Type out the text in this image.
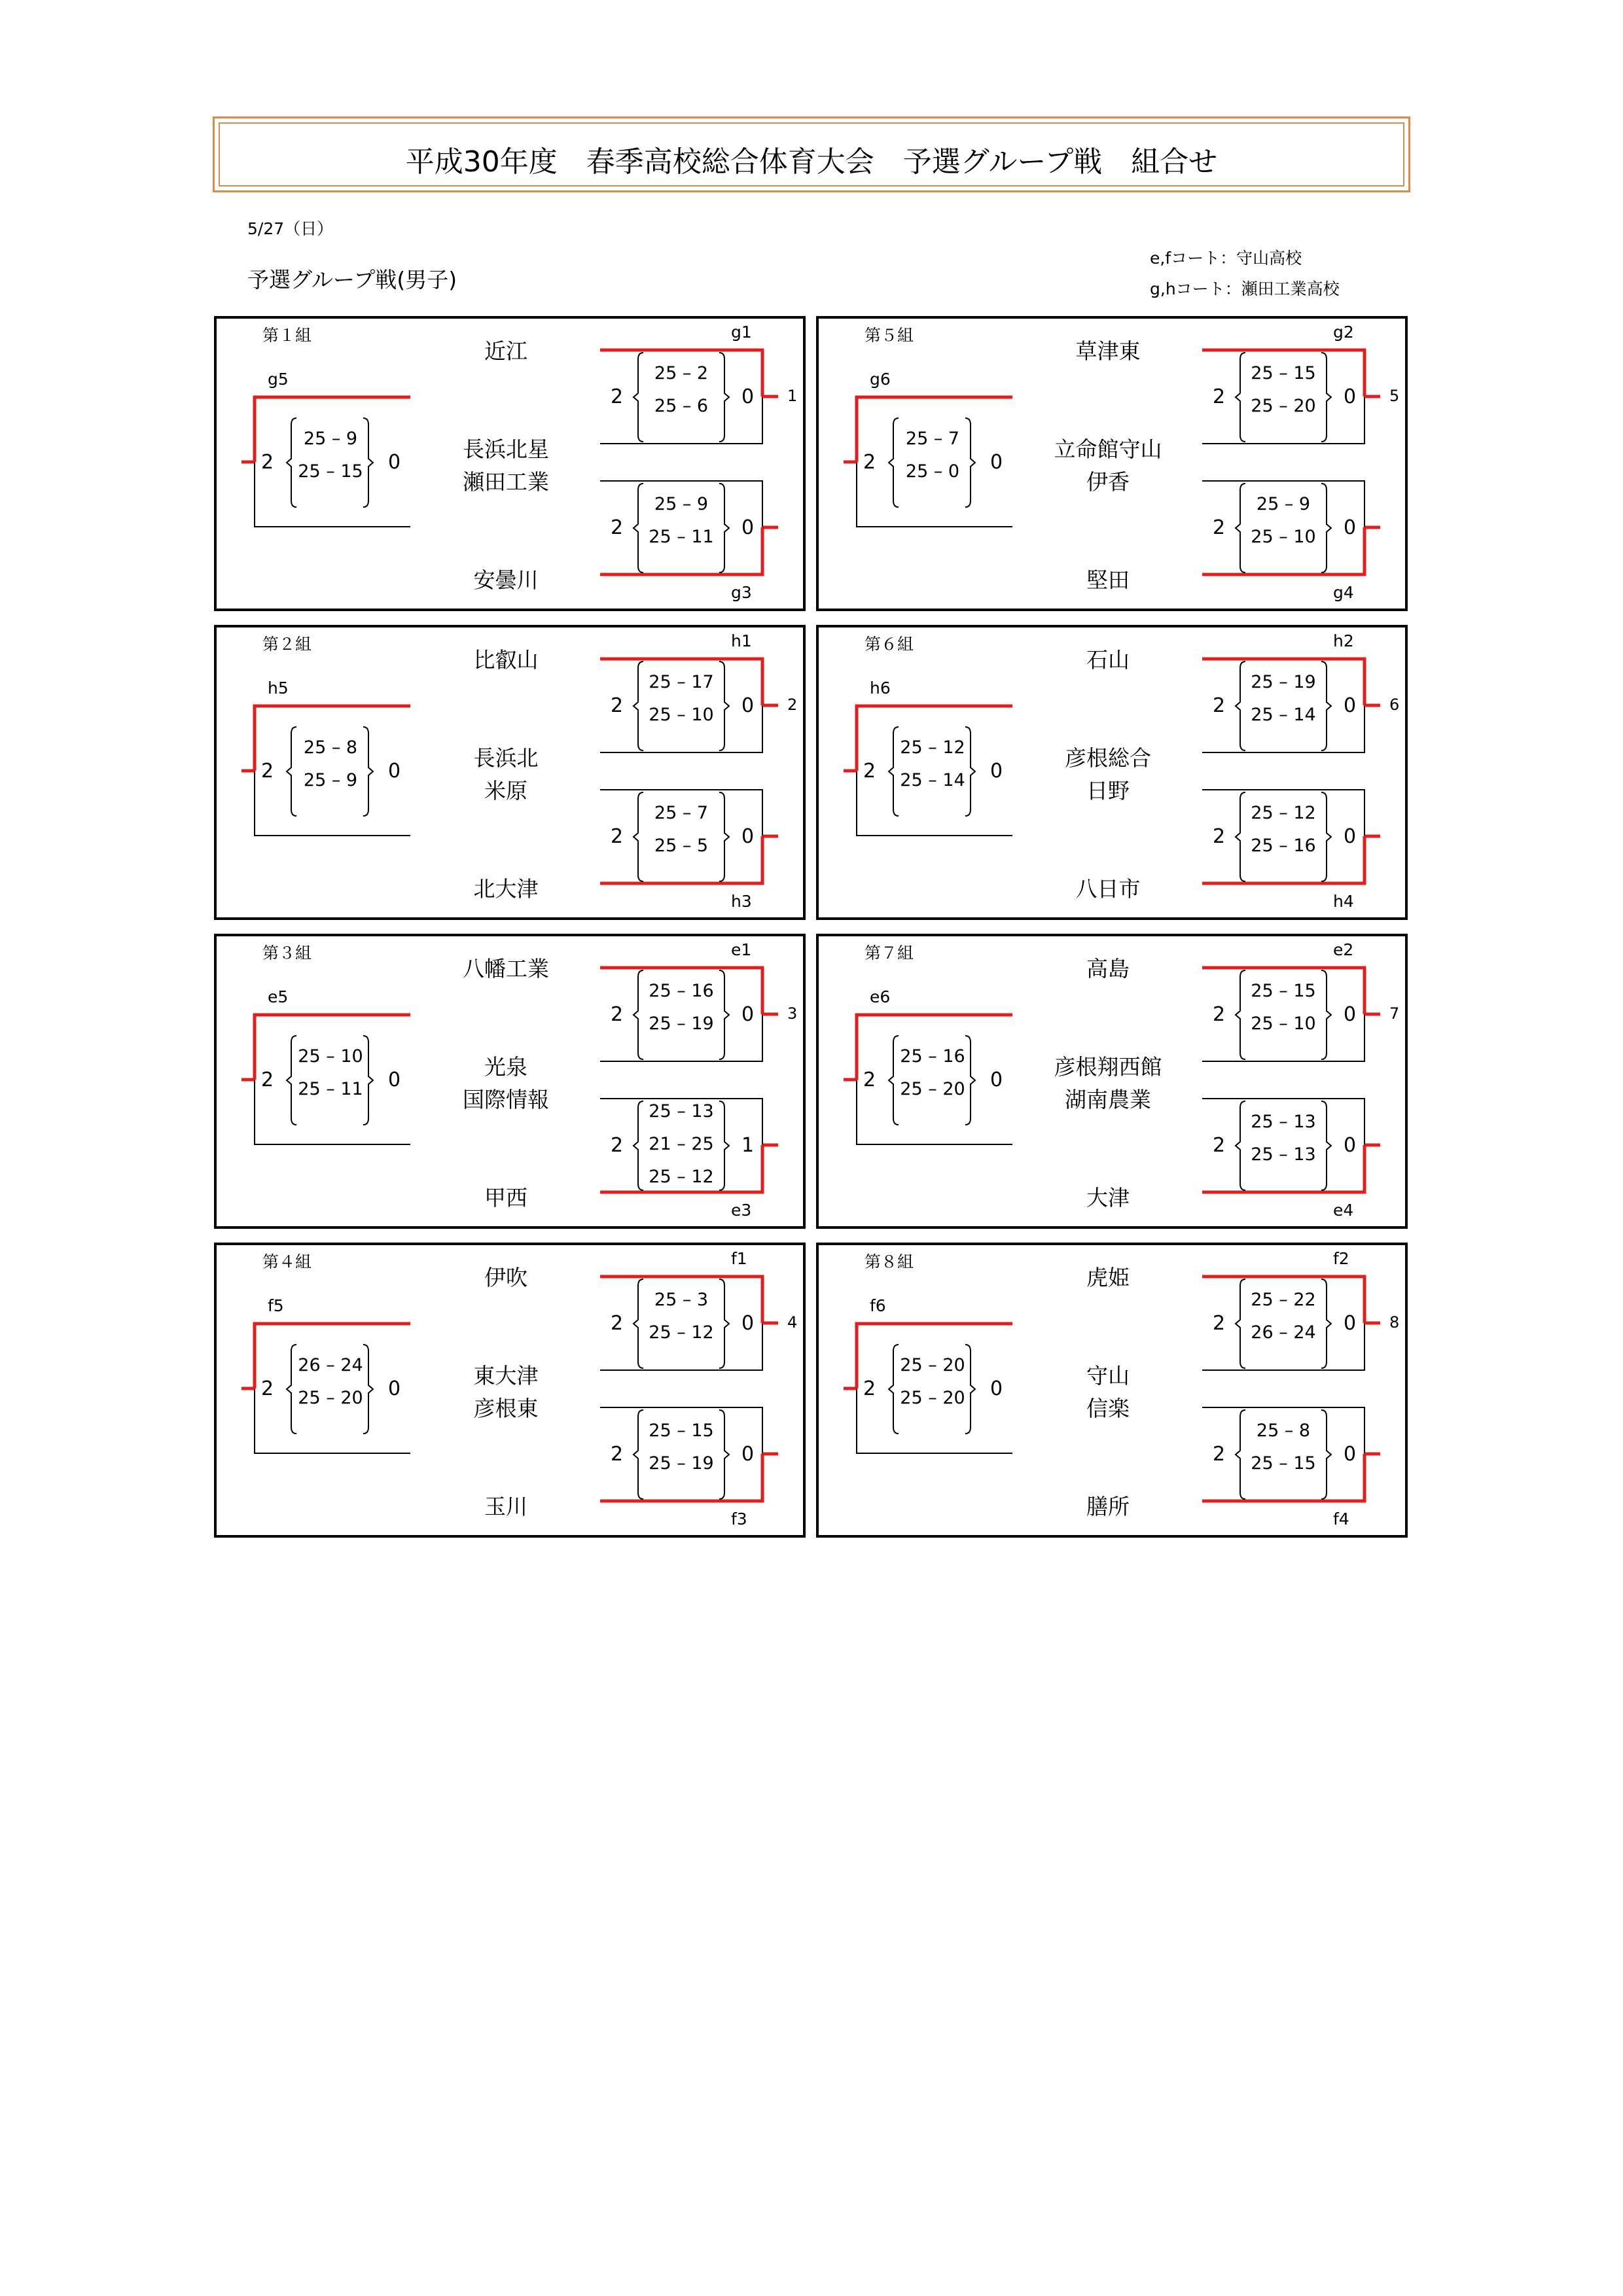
平成30年度　春季高校総合体育大会　予選グループ戦　組合せ
5/27（日）
e,fコート：守山高校
g,hコート：瀬田工業高校
予選グループ戦(男子)
第１組
近江
長浜北星
瀬田工業
安曇川
g1
2	0 1
25 – 2
25 – 6
g3
2	0
25 – 9
25 – 11
g5
2	0
25 – 9
25 – 15
第２組
比叡山
長浜北
米原
北大津
h1
2	0 2
25 – 17
25 – 10
h3
2	0
25 – 7
25 – 5
h5
2	0
25 – 8
25 – 9
第３組
八幡工業
光泉
国際情報
甲西
e1
2	0 3
25 – 16
25 – 19
e3
2	1
25 – 13
21 – 25
25 – 12
e5
2	0
25 – 10
25 – 11
第４組
伊吹
東大津
彦根東
玉川
f1
2	0 4
25 – 3
25 – 12
f3
2	0
25 – 15
25 – 19
f5
2	0
26 – 24
25 – 20
第５組
草津東
立命館守山
伊香
堅田
g2
2	0 5
25 – 15
25 – 20
g4
2	0
25 – 9
25 – 10
g6
2	0
25 – 7
25 – 0
第６組
石山
彦根総合
日野
八日市
h2
2	0 6
25 – 19
25 – 14
h4
2	0
25 – 12
25 – 16
h6
2	0
25 – 12
25 – 14
第７組
高島
彦根翔西館
湖南農業
大津
e2
2	0 7
25 – 15
25 – 10
e4
2	0
25 – 13
25 – 13
e6
2	0
25 – 16
25 – 20
第８組
虎姫
守山
信楽
膳所
f2
2	0 8
25 – 22
26 – 24
f4
2	0
25 – 8
25 – 15
f6
2	0
25 – 20
25 – 20
